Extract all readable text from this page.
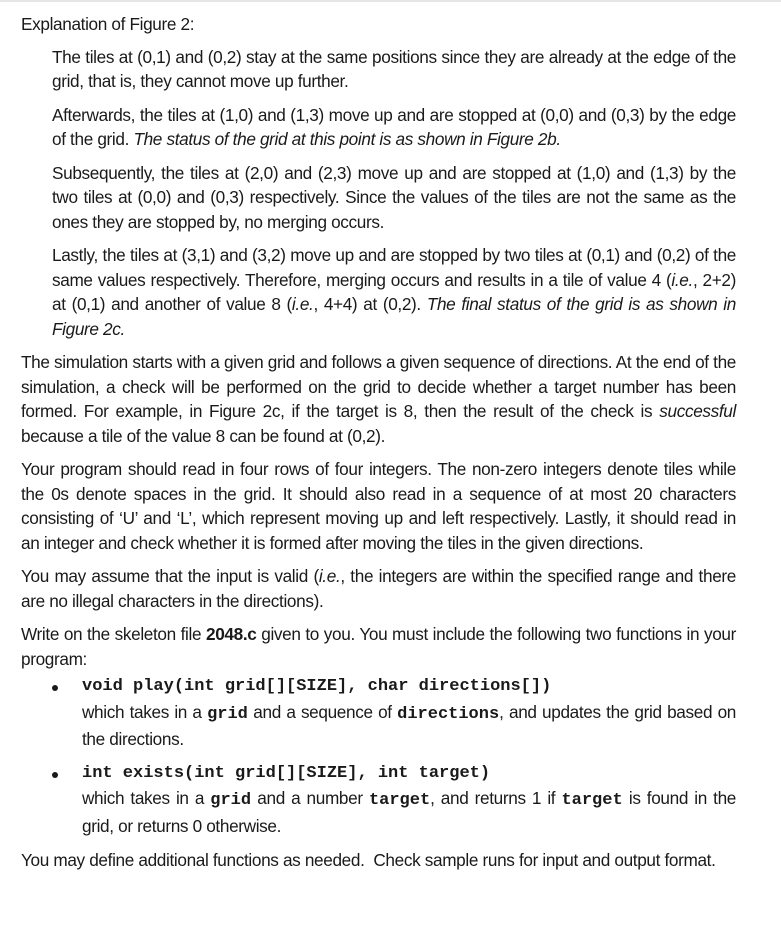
Explanation of Figure 2:

The tiles at (0,1) and (0,2) stay at the same positions since they are already at the edge of the grid, that is, they cannot move up further.

Afterwards, the tiles at (1,0) and (1,3) move up and are stopped at (0,0) and (0,3) by the edge of the grid. The status of the grid at this point is as shown in Figure 2b.

Subsequently, the tiles at (2,0) and (2,3) move up and are stopped at (1,0) and (1,3) by the two tiles at (0,0) and (0,3) respectively. Since the values of the tiles are not the same as the ones they are stopped by, no merging occurs.

Lastly, the tiles at (3,1) and (3,2) move up and are stopped by two tiles at (0,1) and (0,2) of the same values respectively. Therefore, merging occurs and results in a tile of value 4 (i.e., 2+2) at (0,1) and another of value 8 (i.e., 4+4) at (0,2). The final status of the grid is as shown in Figure 2c.

The simulation starts with a given grid and follows a given sequence of directions. At the end of the simulation, a check will be performed on the grid to decide whether a target number has been formed. For example, in Figure 2c, if the target is 8, then the result of the check is successful because a tile of the value 8 can be found at (0,2).

Your program should read in four rows of four integers. The non-zero integers denote tiles while the 0s denote spaces in the grid. It should also read in a sequence of at most 20 characters consisting of ‘U’ and ‘L’, which represent moving up and left respectively. Lastly, it should read in an integer and check whether it is formed after moving the tiles in the given directions.

You may assume that the input is valid (i.e., the integers are within the specified range and there are no illegal characters in the directions).

Write on the skeleton file 2048.c given to you. You must include the following two functions in your program:

void play(int grid[][SIZE], char directions[])
which takes in a grid and a sequence of directions, and updates the grid based on the directions.
int exists(int grid[][SIZE], int target)
which takes in a grid and a number target, and returns 1 if target is found in the grid, or returns 0 otherwise.

You may define additional functions as needed.  Check sample runs for input and output format.
